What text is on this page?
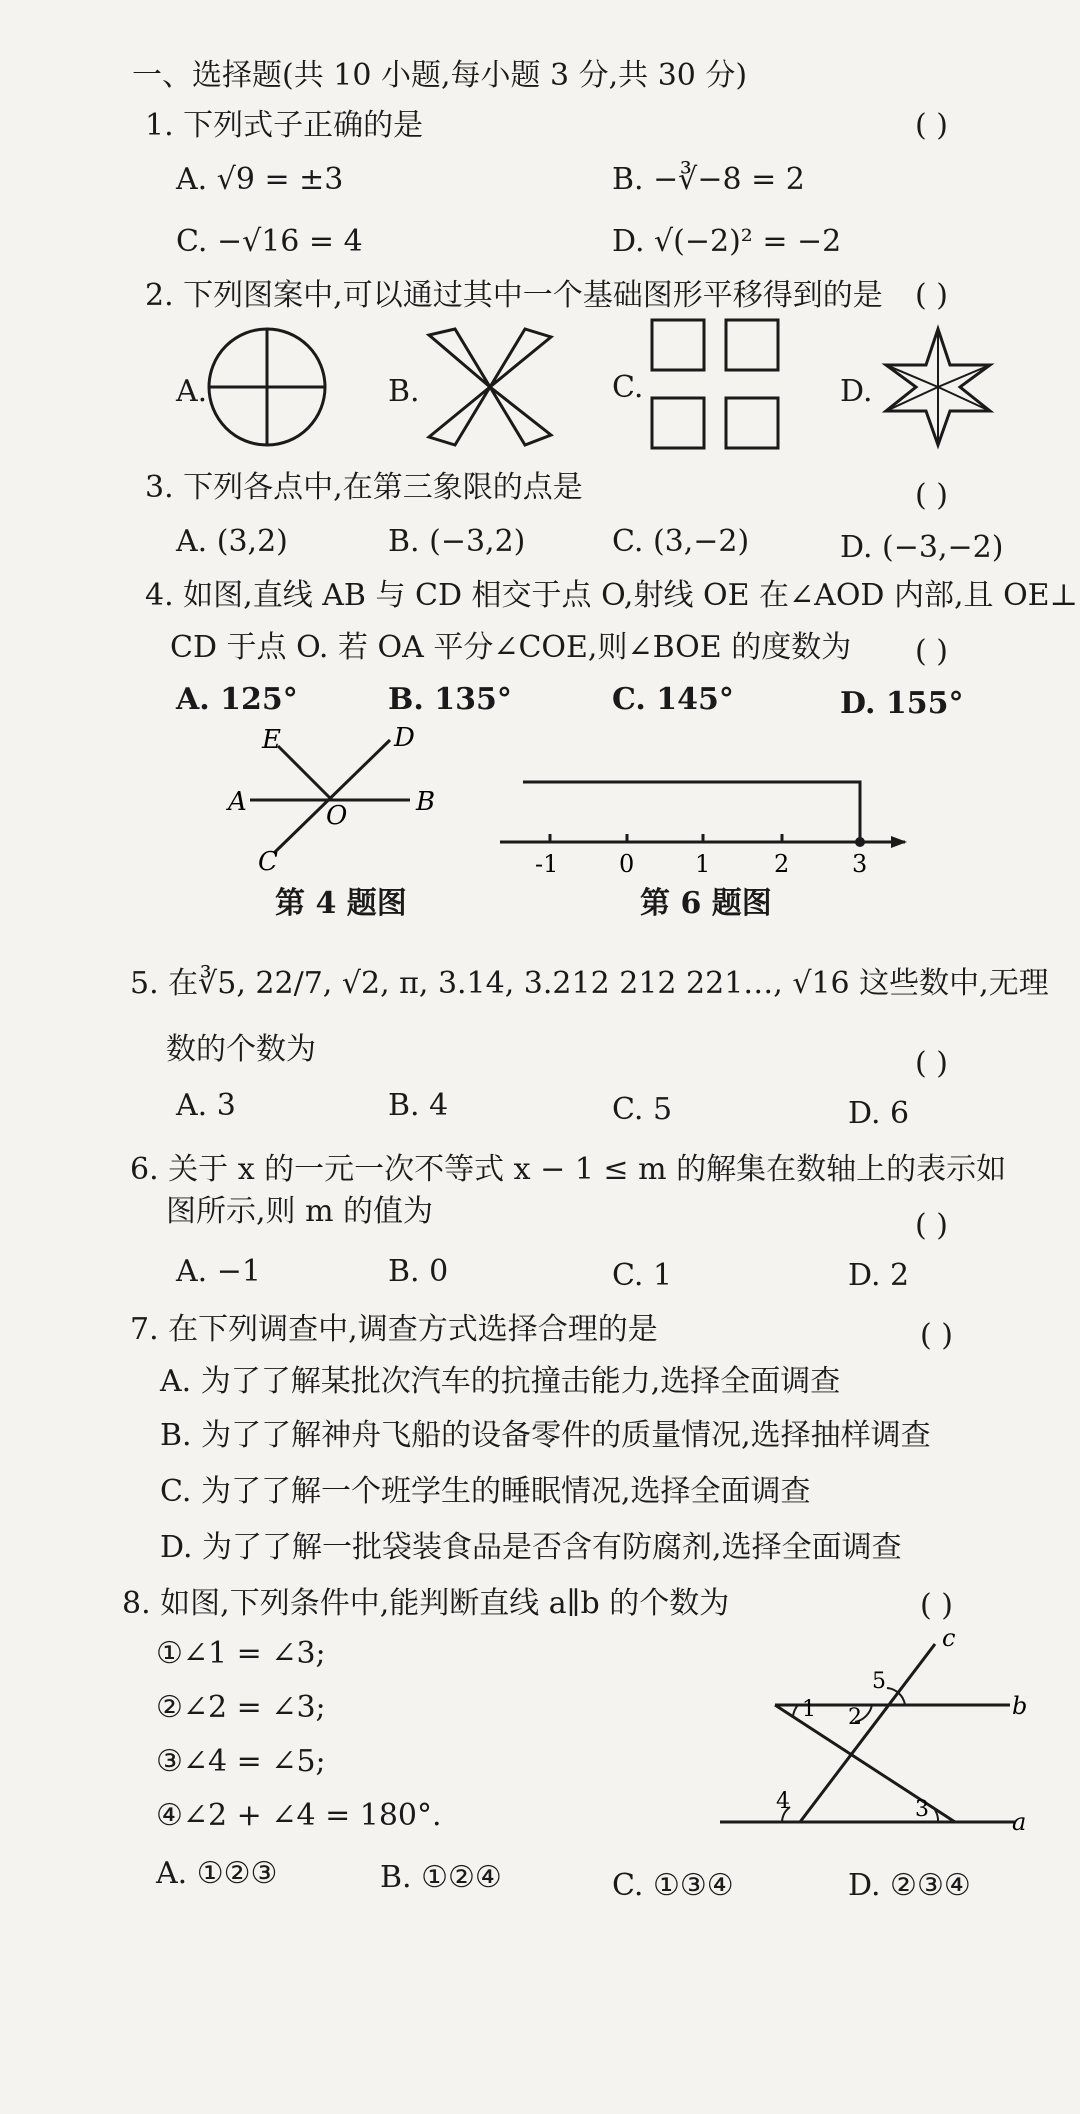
一、选择题(共 10 小题,每小题 3 分,共 30 分)
1. 下列式子正确的是	( )
A. √9 = ±3	B. −∛−8 = 2
C. −√16 = 4	D. √(−2)² = −2
2. 下列图案中,可以通过其中一个基础图形平移得到的是 ( )
A.	B.	C.	D.
3. 下列各点中,在第三象限的点是	( )
A. (3,2)	B. (−3,2)	C. (3,−2)	D. (−3,−2)
4. 如图,直线 AB 与 CD 相交于点 O,射线 OE 在∠AOD 内部,且 OE⊥
CD 于点 O. 若 OA 平分∠COE,则∠BOE 的度数为 ( )
A. 125°	B. 135°	C. 145°	D. 155°
E	D
A	O	B
C
第 4 题图
-1	0	1	2	3
第 6 题图
5. 在∛5, 22/7, √2, π, 3.14, 3.212 212 221…, √16 这些数中,无理
数的个数为	( )
A. 3	B. 4	C. 5	D. 6
6. 关于 x 的一元一次不等式 x − 1 ≤ m 的解集在数轴上的表示如
图所示,则 m 的值为	( )
A. −1	B. 0	C. 1	D. 2
7. 在下列调查中,调查方式选择合理的是	( )
A. 为了了解某批次汽车的抗撞击能力,选择全面调查
B. 为了了解神舟飞船的设备零件的质量情况,选择抽样调查
C. 为了了解一个班学生的睡眠情况,选择全面调查
D. 为了了解一批袋装食品是否含有防腐剂,选择全面调查
8. 如图,下列条件中,能判断直线 a∥b 的个数为	( )
①∠1 = ∠3;
②∠2 = ∠3;
③∠4 = ∠5;
④∠2 + ∠4 = 180°.
A. ①②③	B. ①②④	C. ①③④	D. ②③④
c
b
a
1 2
3
4
5
